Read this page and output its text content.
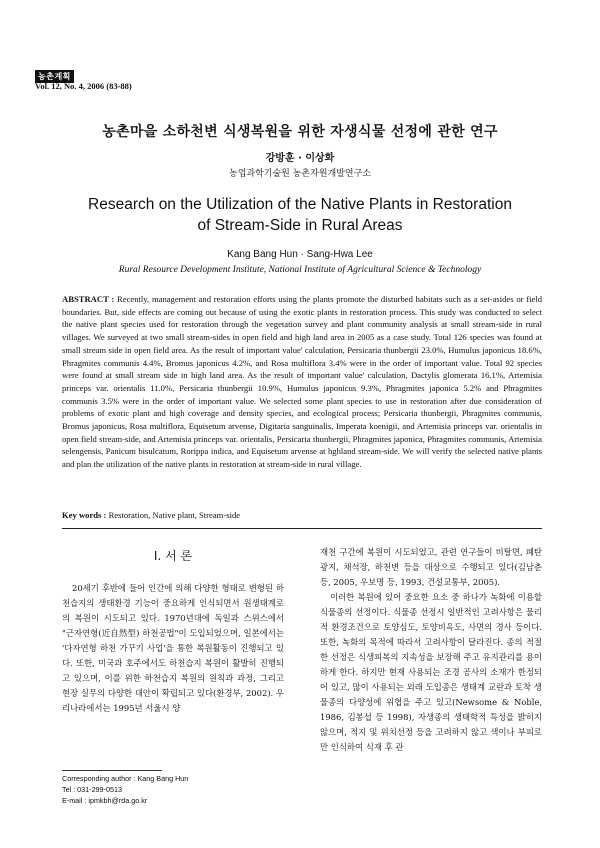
농촌계획
Vol. 12, No. 4, 2006 (83-88)
농촌마을 소하천변 식생복원을 위한 자생식물 선정에 관한 연구
강방훈 · 이상화
농업과학기술원 농촌자원개발연구소
Research on the Utilization of the Native Plants in Restoration of Stream-Side in Rural Areas
Kang Bang Hun · Sang-Hwa Lee
Rural Resource Development Institute, National Institute of Agricultural Science & Technology
ABSTRACT : Recently, management and restoration efforts using the plants promote the disturbed habitats such as a set-asides or field boundaries. But, side effects are coming out because of using the exotic plants in restoration process. This study was conducted to select the native plant species used for restoration through the vegetation survey and plant community analysis at small stream-side in rural villages. We surveyed at two small stream-sides in open field and high land area in 2005 as a case study. Total 126 species was found at small stream side in open field area. As the result of important value' calculation, Persicaria thunbergii 23.0%, Humulus japonicus 18.6%, Phragmites communis 4.4%, Bromus japonicus 4.2%, and Rosa multiflora 3.4% were in the order of important value. Total 92 species were found at small stream side in high land area. As the result of important value' calculation, Dactylis glomerata 16.1%, Artemisia princeps var. orientalis 11.0%, Persicaria thunbergii 10.9%, Humulus japonicus 9.3%, Phragmites japonica 5.2% and Phragmites communis 3.5% were in the order of important value. We selected some plant species to use in restoration after due consideration of problems of exotic plant and high coverage and density species, and ecological process; Persicaria thunbergii, Phragmites communis, Bromus japonicus, Rosa multiflora, Equisetum arvense, Digitaria sanguinalis, Imperata koenigii, and Artemisia princeps var. orientalis in open field stream-side, and Artemisia princeps var. orientalis, Persicaria thunbergii, Phragmites japonica, Phragmites communis, Artemisia selengensis, Panicum bisulcatum, Rorippa indica, and Equisetum arvense at hghland stream-side. We will verify the selected native plants and plan the utilization of the native plants in restoration at stream-side in rural village.
Key words : Restoration, Native plant, Stream-side
I. 서 론

20세기 후반에 들어 인간에 의해 다양한 형태로 변형된 하천습지의 생태환경 기능이 중요하게 인식되면서 원생태계로의 복원이 시도되고 있다. 1970년대에 독일과 스위스에서 "근자연형(近自然型) 하천공법"이 도입되었으며, 일본에서는 '다자연형 하천 가꾸기 사업'을 통한 복원활동이 진행되고 있다. 또한, 미국과 호주에서도 하천습지 복원이 활발히 진행되고 있으며, 이를 위한 하천습지 복원의 원칙과 과정, 그리고 현장 실무의 다양한 대안이 확립되고 있다(환경부, 2002). 우리나라에서는 1995년 서울시 양

재천 구간에 복원이 시도되었고, 관련 연구들이 비탈면, 폐탄광지, 채석장, 하천변 등을 대상으로 수행되고 있다(김남춘 등, 2005, 우보명 등, 1993, 건설교통부, 2005).

이러한 복원에 있어 중요한 요소 중 하나가 녹화에 이용할 식물종의 선정이다. 식물종 선정시 일반적인 고려사항은 물리적 환경조건으로 토양심도, 토양비옥도, 사면의 경사 등이다. 또한, 녹화의 목적에 따라서 고려사항이 달라진다. 종의 적절한 선정은 식생피복의 지속성을 보장해 주고 유지관리를 용이하게 한다. 하지만 현재 사용되는 조경 공사의 소재가 한정되어 있고, 많이 사용되는 외래 도입종은 생태계 교란과 토착 생물종의 다양성에 위협을 주고 있고(Newsome & Noble, 1986, 김봉섭 등 1998), 자생종의 생태학적 특성을 밝히지 않으며, 적지 및 위치선정 등을 고려하지 않고 색이나 부피로만 인식하여 식재 후 관

Corresponding author : Kang Bang Hun
Tel : 031-299-0513
E-mail : ipmkbh@rda.go.kr
